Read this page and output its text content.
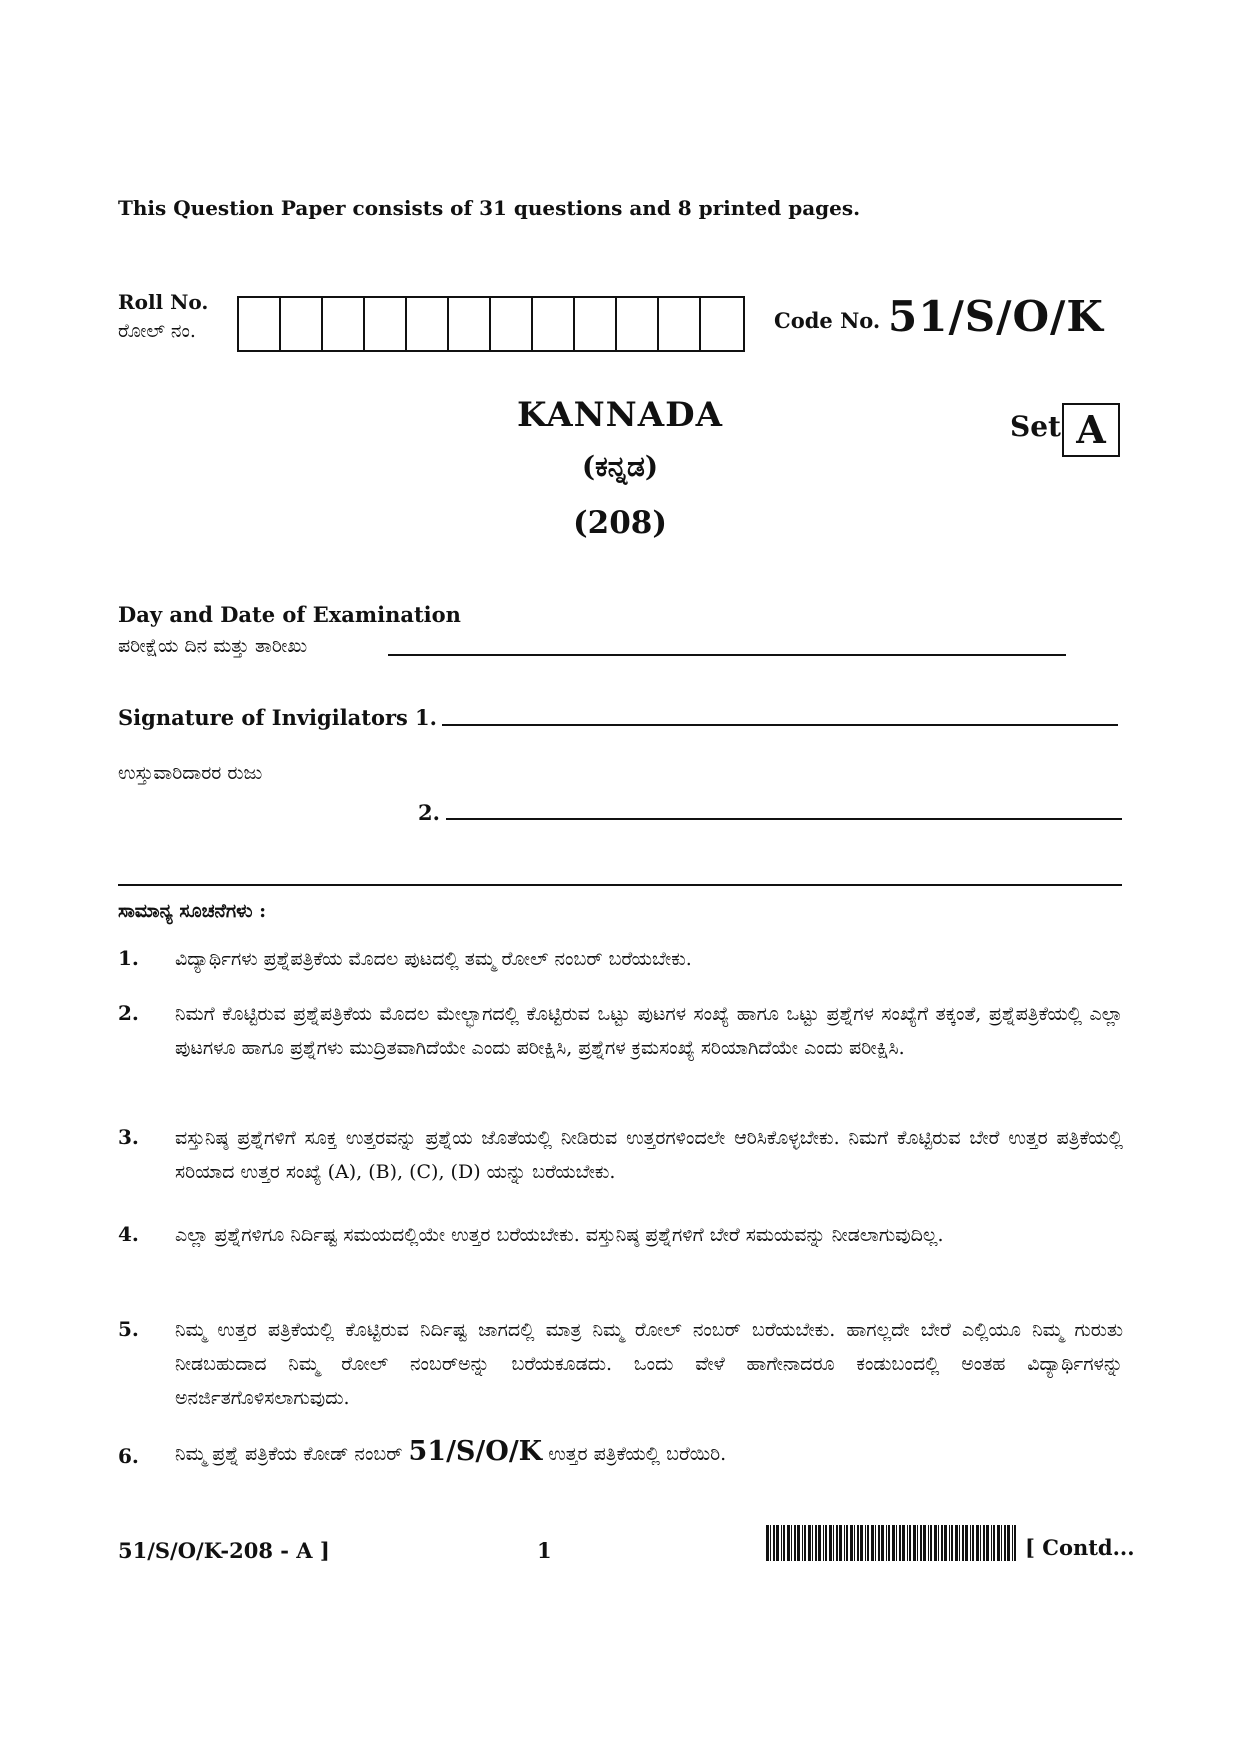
This Question Paper consists of 31 questions and 8 printed pages.
Roll No.
ರೋಲ್ ನಂ.	Code No. 51/S/O/K
KANNADA
(ಕನ್ನಡ)
(208)
Set A
Day and Date of Examination
ಪರೀಕ್ಷೆಯ ದಿನ ಮತ್ತು ತಾರೀಖು
Signature of Invigilators 1.
ಉಸ್ತುವಾರಿದಾರರ ರುಜು
2.
ಸಾಮಾನ್ಯ ಸೂಚನೆಗಳು :
1. ವಿದ್ಯಾರ್ಥಿಗಳು ಪ್ರಶ್ನೆಪತ್ರಿಕೆಯ ಮೊದಲ ಪುಟದಲ್ಲಿ ತಮ್ಮ ರೋಲ್ ನಂಬರ್ ಬರೆಯಬೇಕು.
2. ನಿಮಗೆ ಕೊಟ್ಟಿರುವ ಪ್ರಶ್ನೆಪತ್ರಿಕೆಯ ಮೊದಲ ಮೇಲ್ಭಾಗದಲ್ಲಿ ಕೊಟ್ಟಿರುವ ಒಟ್ಟು ಪುಟಗಳ ಸಂಖ್ಯೆ ಹಾಗೂ ಒಟ್ಟು ಪ್ರಶ್ನೆಗಳ ಸಂಖ್ಯೆಗೆ ತಕ್ಕಂತೆ, ಪ್ರಶ್ನೆಪತ್ರಿಕೆಯಲ್ಲಿ ಎಲ್ಲಾ ಪುಟಗಳೂ ಹಾಗೂ ಪ್ರಶ್ನೆಗಳು ಮುದ್ರಿತವಾಗಿದೆಯೇ ಎಂದು ಪರೀಕ್ಷಿಸಿ, ಪ್ರಶ್ನೆಗಳ ಕ್ರಮಸಂಖ್ಯೆ ಸರಿಯಾಗಿದೆಯೇ ಎಂದು ಪರೀಕ್ಷಿಸಿ.
3. ವಸ್ತುನಿಷ್ಠ ಪ್ರಶ್ನೆಗಳಿಗೆ ಸೂಕ್ತ ಉತ್ತರವನ್ನು ಪ್ರಶ್ನೆಯ ಜೊತೆಯಲ್ಲಿ ನೀಡಿರುವ ಉತ್ತರಗಳಿಂದಲೇ ಆರಿಸಿಕೊಳ್ಳಬೇಕು. ನಿಮಗೆ ಕೊಟ್ಟಿರುವ ಬೇರೆ ಉತ್ತರ ಪತ್ರಿಕೆಯಲ್ಲಿ ಸರಿಯಾದ ಉತ್ತರ ಸಂಖ್ಯೆ (A), (B), (C), (D) ಯನ್ನು ಬರೆಯಬೇಕು.
4. ಎಲ್ಲಾ ಪ್ರಶ್ನೆಗಳಿಗೂ ನಿರ್ದಿಷ್ಟ ಸಮಯದಲ್ಲಿಯೇ ಉತ್ತರ ಬರೆಯಬೇಕು. ವಸ್ತುನಿಷ್ಠ ಪ್ರಶ್ನೆಗಳಿಗೆ ಬೇರೆ ಸಮಯವನ್ನು ನೀಡಲಾಗುವುದಿಲ್ಲ.
5. ನಿಮ್ಮ ಉತ್ತರ ಪತ್ರಿಕೆಯಲ್ಲಿ ಕೊಟ್ಟಿರುವ ನಿರ್ದಿಷ್ಟ ಜಾಗದಲ್ಲಿ ಮಾತ್ರ ನಿಮ್ಮ ರೋಲ್ ನಂಬರ್ ಬರೆಯಬೇಕು. ಹಾಗಲ್ಲದೇ ಬೇರೆ ಎಲ್ಲಿಯೂ ನಿಮ್ಮ ಗುರುತು ನೀಡಬಹುದಾದ ನಿಮ್ಮ ರೋಲ್ ನಂಬರ್‌ಅನ್ನು ಬರೆಯಕೂಡದು. ಒಂದು ವೇಳೆ ಹಾಗೇನಾದರೂ ಕಂಡುಬಂದಲ್ಲಿ ಅಂತಹ ವಿದ್ಯಾರ್ಥಿಗಳನ್ನು ಅನರ್ಜಿತಗೊಳಿಸಲಾಗುವುದು.
6. ನಿಮ್ಮ ಪ್ರಶ್ನೆ ಪತ್ರಿಕೆಯ ಕೋಡ್ ನಂಬರ್ 51/S/O/K ಉತ್ತರ ಪತ್ರಿಕೆಯಲ್ಲಿ ಬರೆಯಿರಿ.
51/S/O/K-208 - A ]	1	[ Contd...
